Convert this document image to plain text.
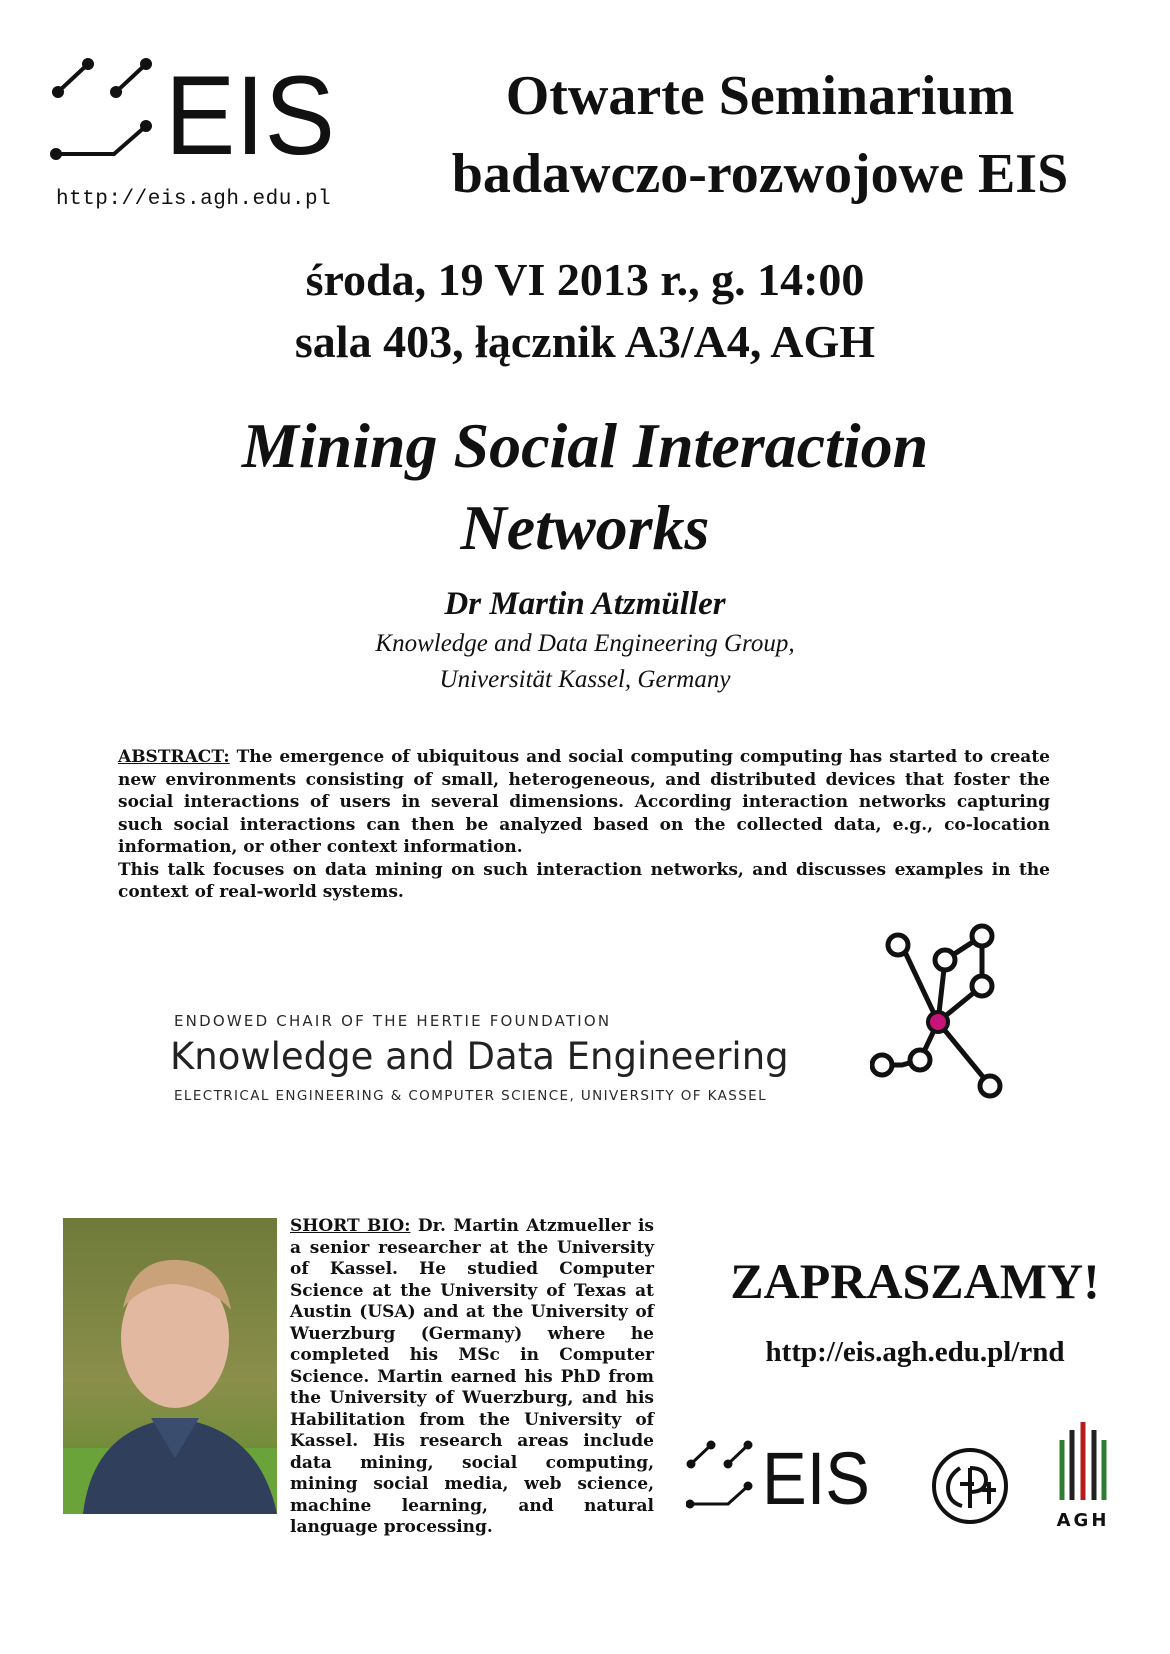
EIS
http://eis.agh.edu.pl
Otwarte Seminarium
badawczo-rozwojowe EIS
środa, 19 VI 2013 r., g. 14:00
sala 403, łącznik A3/A4, AGH
Mining Social Interaction
Networks
Dr Martin Atzmüller
Knowledge and Data Engineering Group,
Universität Kassel, Germany

ABSTRACT: The emergence of ubiquitous and social computing computing has started to create new environments consisting of small, heterogeneous, and distributed devices that foster the social interactions of users in several dimensions. According interaction networks capturing such social interactions can then be analyzed based on the collected data, e.g., co-location information, or other context information.

This talk focuses on data mining on such interaction networks, and discusses examples in the context of real-world systems.

ENDOWED CHAIR OF THE HERTIE FOUNDATION
Knowledge and Data Engineering
ELECTRICAL ENGINEERING & COMPUTER SCIENCE, UNIVERSITY OF KASSEL
SHORT BIO: Dr. Martin Atzmueller is a senior researcher at the University of Kassel. He studied Computer Science at the University of Texas at Austin (USA) and at the University of Wuerzburg (Germany) where he completed his MSc in Computer Science. Martin earned his PhD from the University of Wuerzburg, and his Habilitation from the University of Kassel. His research areas include data mining, social computing, mining social media, web science, machine learning, and natural language processing.
ZAPRASZAMY!
http://eis.agh.edu.pl/rnd
EIS
AGH
